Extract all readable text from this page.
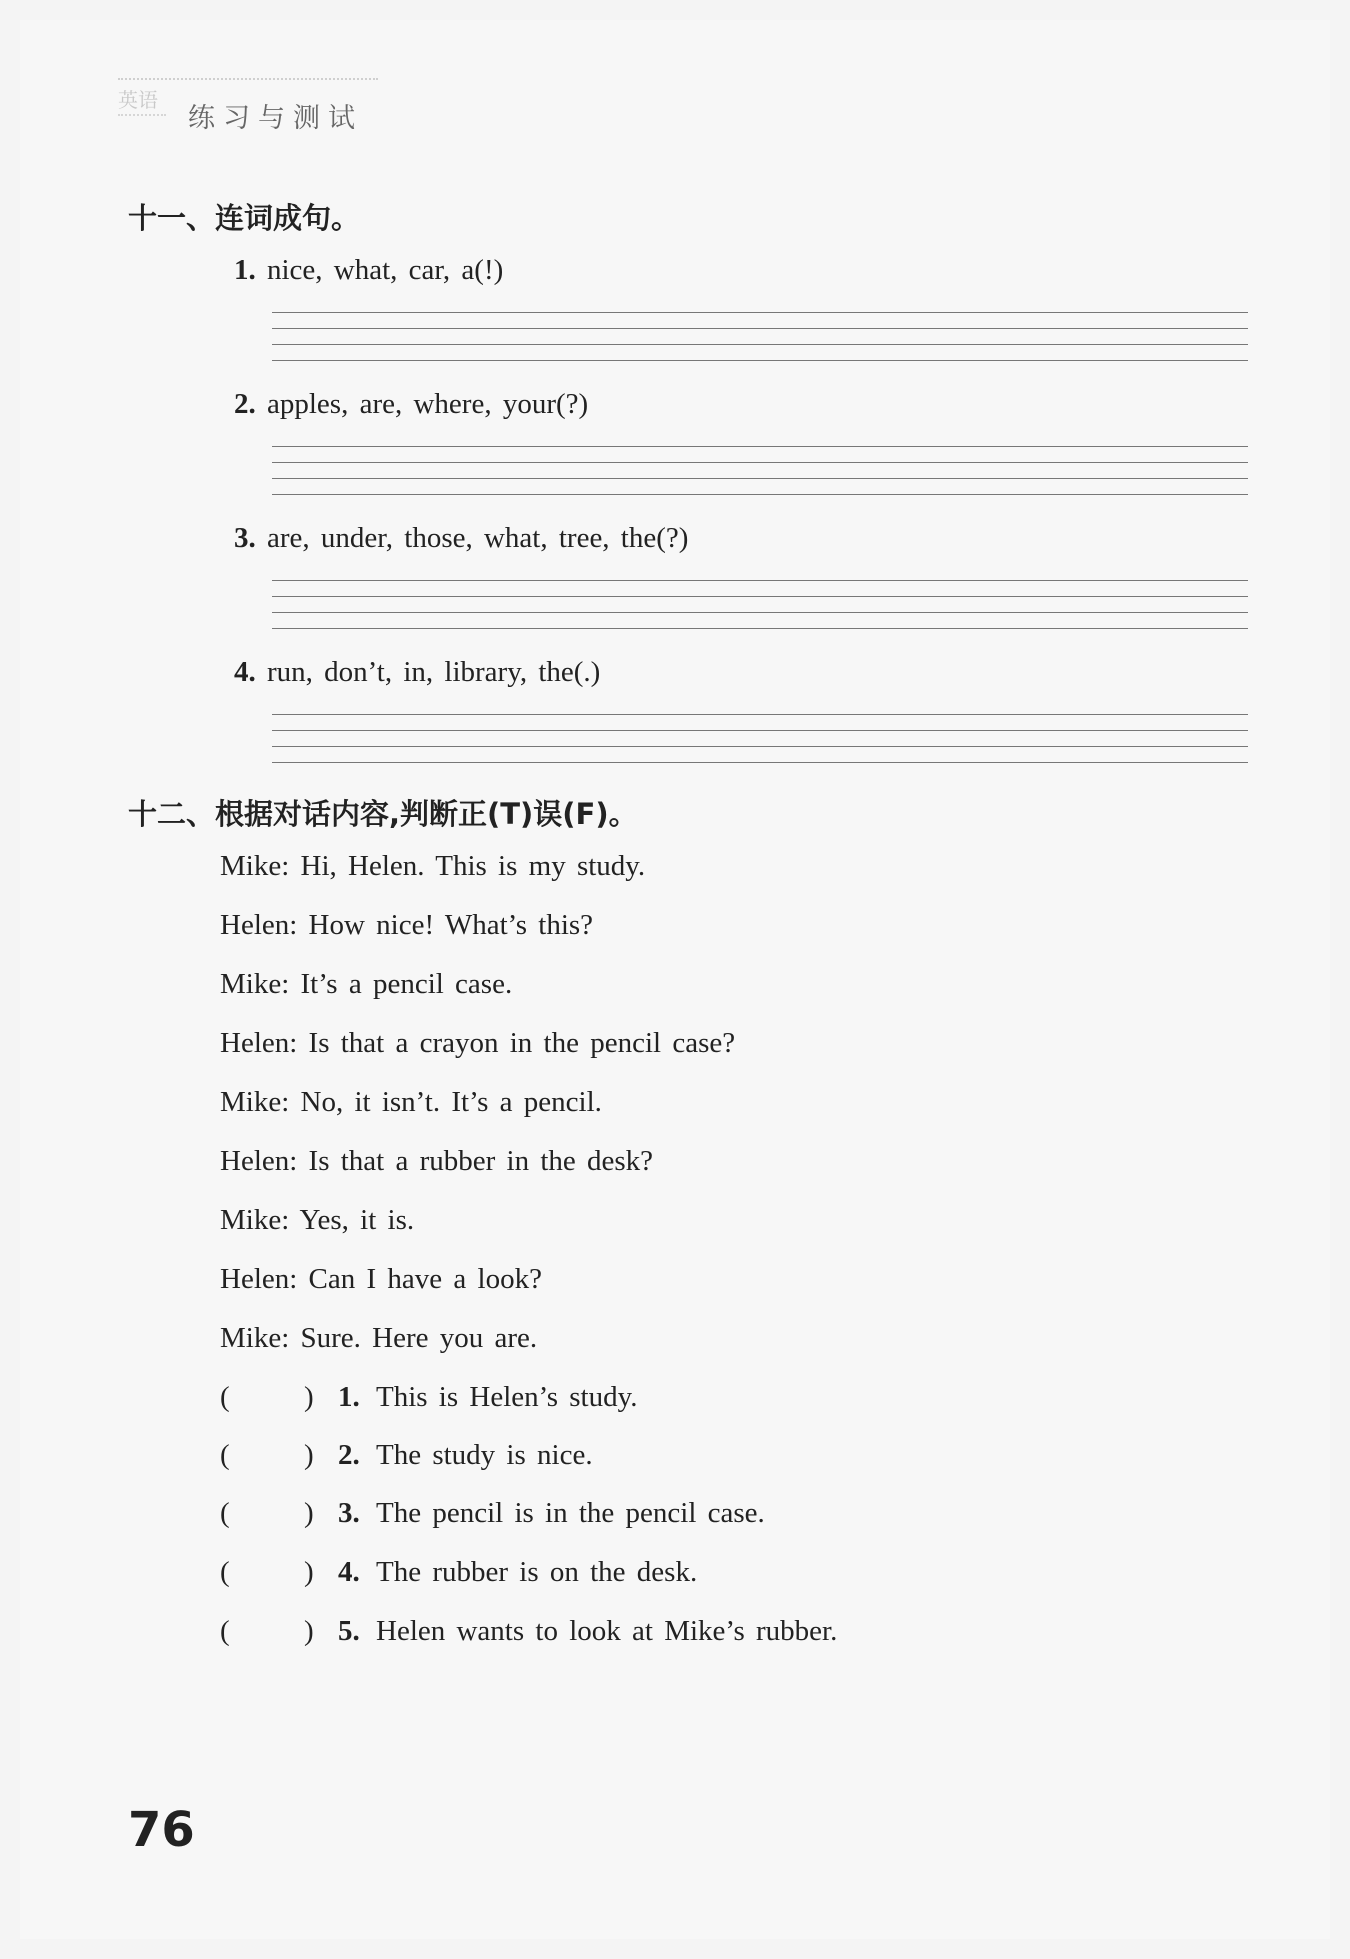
英语
练习与测试
十一、连词成句。
1. nice, what, car, a(!)
2. apples, are, where, your(?)
3. are, under, those, what, tree, the(?)
4. run, don’t, in, library, the(.)
十二、根据对话内容,判断正(T)误(F)。
Mike: Hi, Helen. This is my study.
Helen: How nice! What’s this?
Mike: It’s a pencil case.
Helen: Is that a crayon in the pencil case?
Mike: No, it isn’t. It’s a pencil.
Helen: Is that a rubber in the desk?
Mike: Yes, it is.
Helen: Can I have a look?
Mike: Sure. Here you are.
(	) 1. This is Helen’s study.
(	) 2. The study is nice.
(	) 3. The pencil is in the pencil case.
(	) 4. The rubber is on the desk.
(	) 5. Helen wants to look at Mike’s rubber.
76
